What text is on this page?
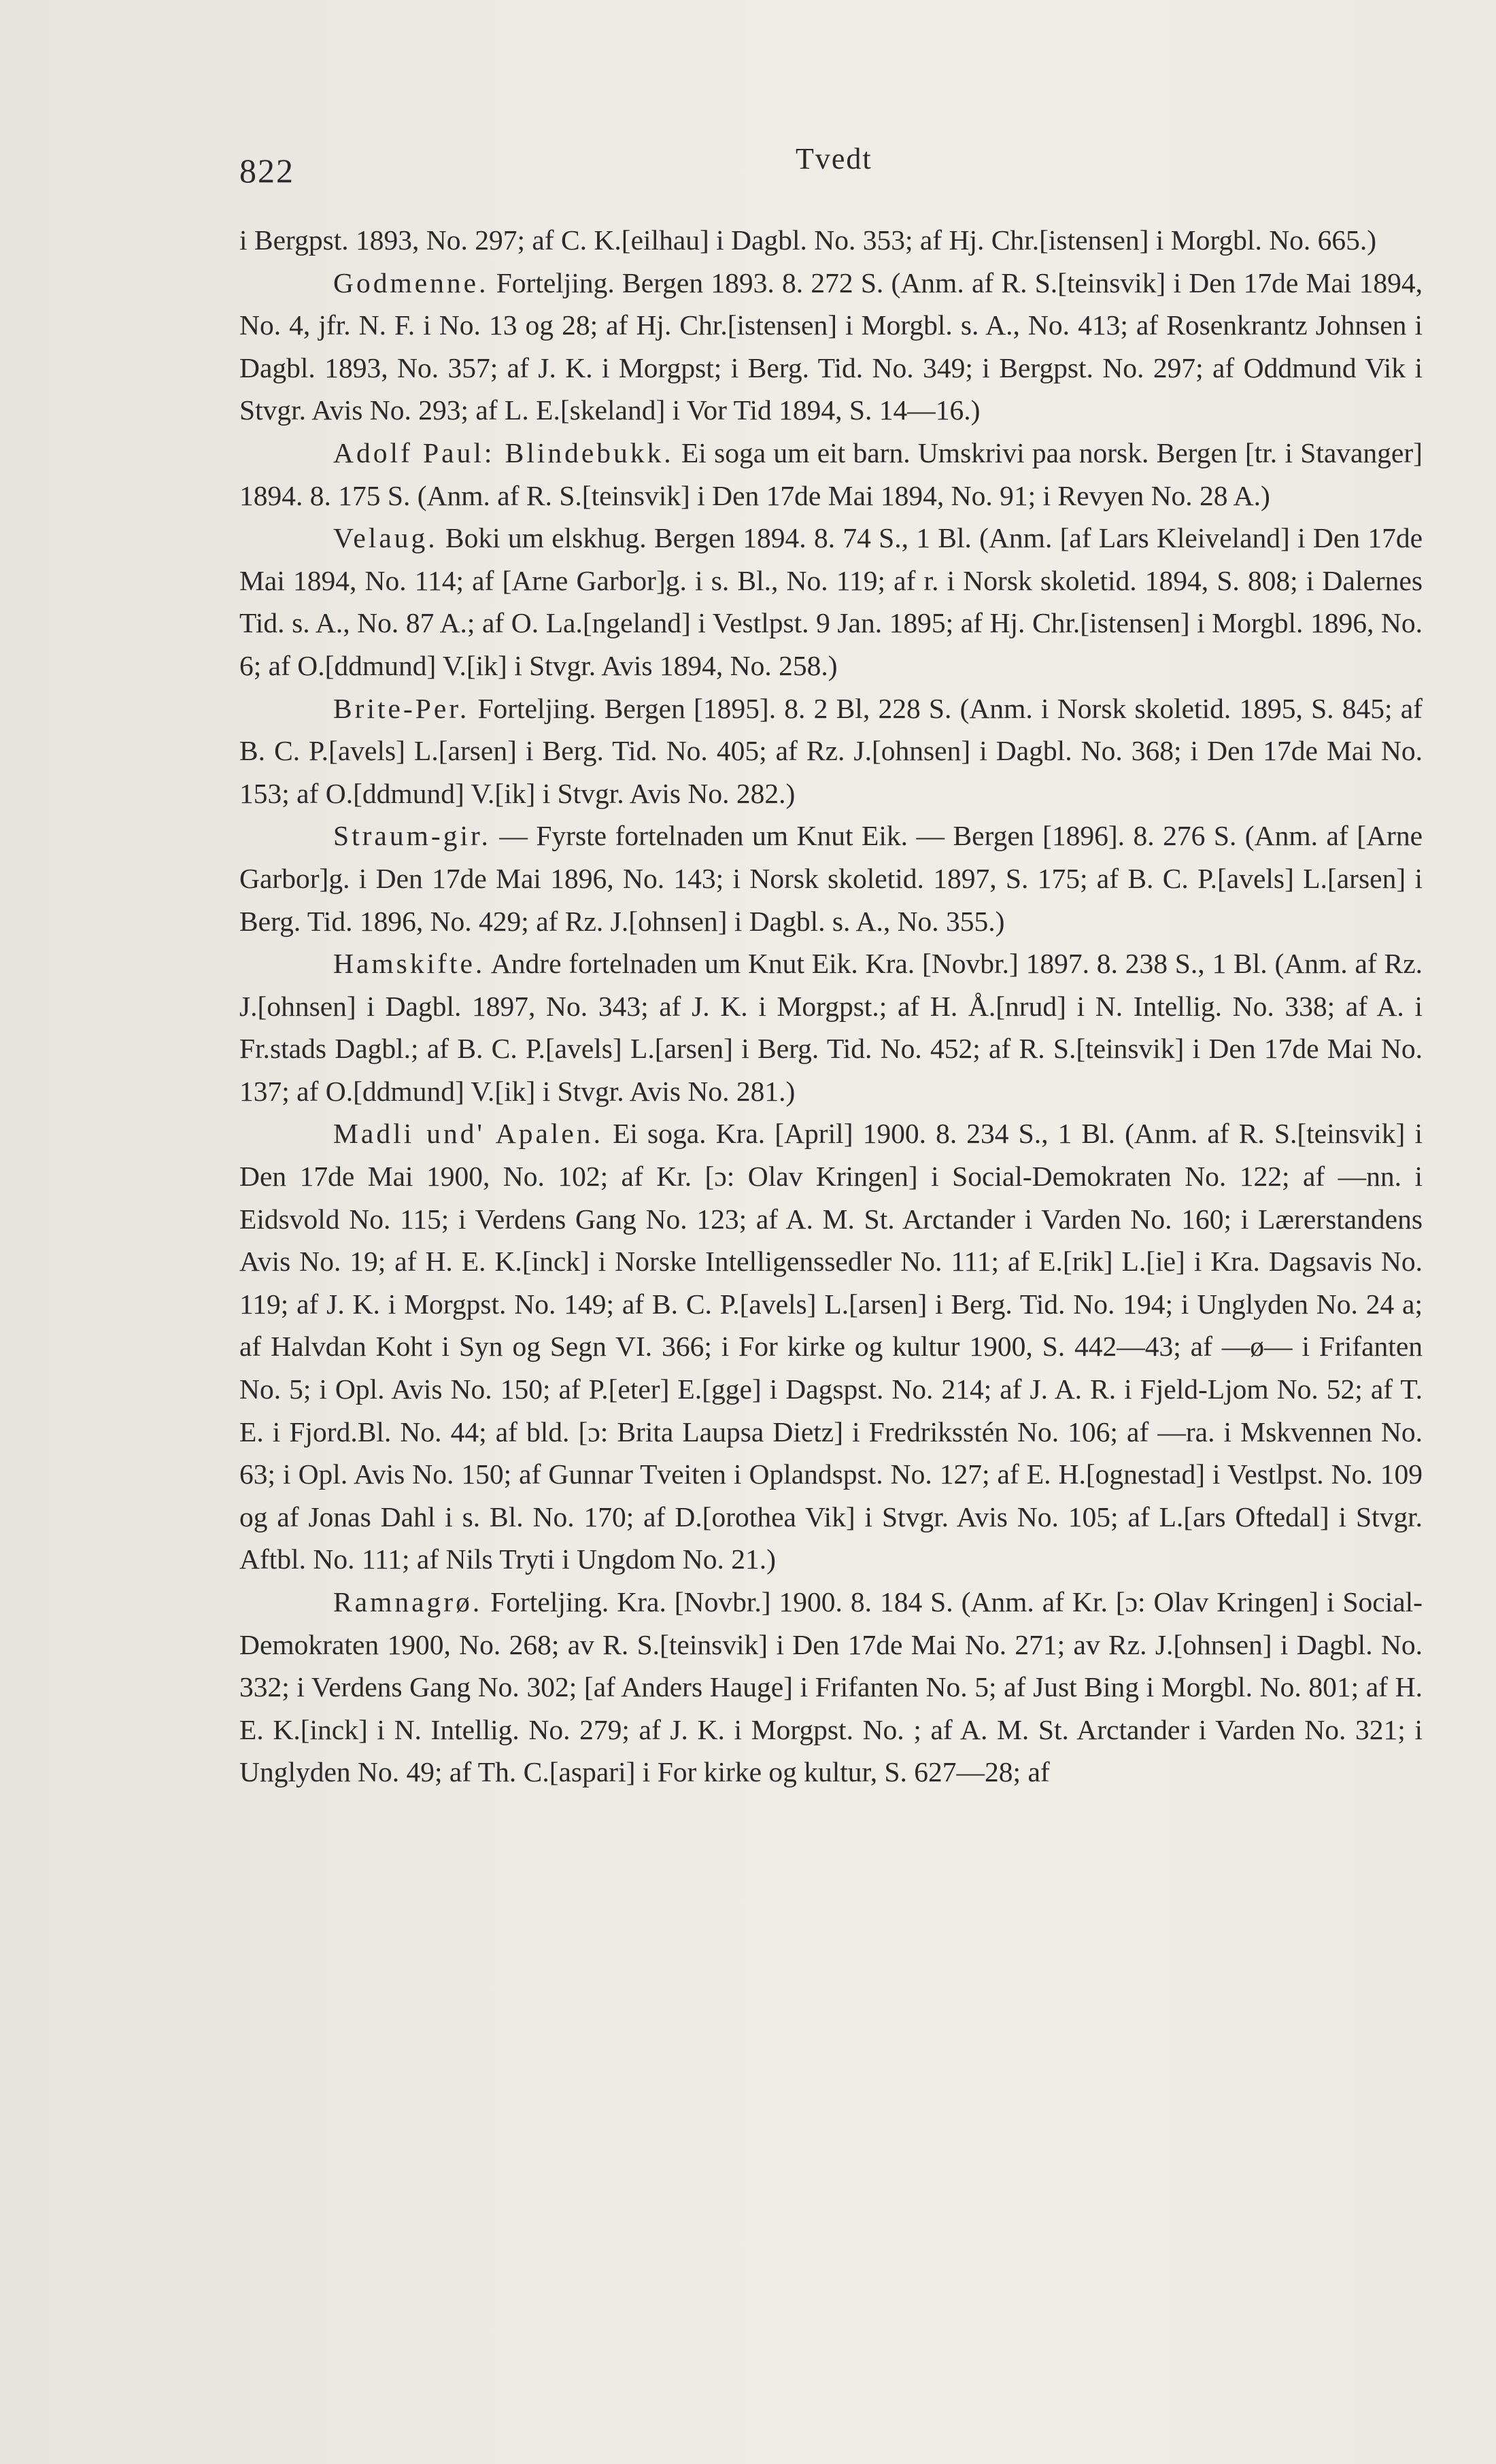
822	Tvedt

i Bergpst. 1893, No. 297; af C. K.[eilhau] i Dagbl. No. 353; af Hj. Chr.[istensen] i Morgbl. No. 665.)

Godmenne. Forteljing. Bergen 1893. 8. 272 S. (Anm. af R. S.[teinsvik] i Den 17de Mai 1894, No. 4, jfr. N. F. i No. 13 og 28; af Hj. Chr.[istensen] i Morgbl. s. A., No. 413; af Rosenkrantz Johnsen i Dagbl. 1893, No. 357; af J. K. i Morgpst; i Berg. Tid. No. 349; i Bergpst. No. 297; af Oddmund Vik i Stvgr. Avis No. 293; af L. E.[skeland] i Vor Tid 1894, S. 14—16.)

Adolf Paul: Blindebukk. Ei soga um eit barn. Umskrivi paa norsk. Bergen [tr. i Stavanger] 1894. 8. 175 S. (Anm. af R. S.[teinsvik] i Den 17de Mai 1894, No. 91; i Revyen No. 28 A.)

Velaug. Boki um elskhug. Bergen 1894. 8. 74 S., 1 Bl. (Anm. [af Lars Kleiveland] i Den 17de Mai 1894, No. 114; af [Arne Garbor]g. i s. Bl., No. 119; af r. i Norsk skoletid. 1894, S. 808; i Dalernes Tid. s. A., No. 87 A.; af O. La.[ngeland] i Vestlpst. 9 Jan. 1895; af Hj. Chr.[istensen] i Morgbl. 1896, No. 6; af O.[ddmund] V.[ik] i Stvgr. Avis 1894, No. 258.)

Brite-Per. Forteljing. Bergen [1895]. 8. 2 Bl, 228 S. (Anm. i Norsk skoletid. 1895, S. 845; af B. C. P.[avels] L.[arsen] i Berg. Tid. No. 405; af Rz. J.[ohnsen] i Dagbl. No. 368; i Den 17de Mai No. 153; af O.[ddmund] V.[ik] i Stvgr. Avis No. 282.)

Straum-gir. — Fyrste fortelnaden um Knut Eik. — Bergen [1896]. 8. 276 S. (Anm. af [Arne Garbor]g. i Den 17de Mai 1896, No. 143; i Norsk skoletid. 1897, S. 175; af B. C. P.[avels] L.[arsen] i Berg. Tid. 1896, No. 429; af Rz. J.[ohnsen] i Dagbl. s. A., No. 355.)

Hamskifte. Andre fortelnaden um Knut Eik. Kra. [Novbr.] 1897. 8. 238 S., 1 Bl. (Anm. af Rz. J.[ohnsen] i Dagbl. 1897, No. 343; af J. K. i Morgpst.; af H. Å.[nrud] i N. Intellig. No. 338; af A. i Fr.stads Dagbl.; af B. C. P.[avels] L.[arsen] i Berg. Tid. No. 452; af R. S.[teinsvik] i Den 17de Mai No. 137; af O.[ddmund] V.[ik] i Stvgr. Avis No. 281.)

Madli und' Apalen. Ei soga. Kra. [April] 1900. 8. 234 S., 1 Bl. (Anm. af R. S.[teinsvik] i Den 17de Mai 1900, No. 102; af Kr. [ɔ: Olav Kringen] i Social-Demokraten No. 122; af —nn. i Eidsvold No. 115; i Verdens Gang No. 123; af A. M. St. Arctander i Varden No. 160; i Lærerstandens Avis No. 19; af H. E. K.[inck] i Norske Intelligenssedler No. 111; af E.[rik] L.[ie] i Kra. Dagsavis No. 119; af J. K. i Morgpst. No. 149; af B. C. P.[avels] L.[arsen] i Berg. Tid. No. 194; i Unglyden No. 24 a; af Halvdan Koht i Syn og Segn VI. 366; i For kirke og kultur 1900, S. 442—43; af —ø— i Frifanten No. 5; i Opl. Avis No. 150; af P.[eter] E.[gge] i Dagspst. No. 214; af J. A. R. i Fjeld-Ljom No. 52; af T. E. i Fjord.Bl. No. 44; af bld. [ɔ: Brita Laupsa Dietz] i Fredriksstén No. 106; af —ra. i Mskvennen No. 63; i Opl. Avis No. 150; af Gunnar Tveiten i Oplandspst. No. 127; af E. H.[ognestad] i Vestlpst. No. 109 og af Jonas Dahl i s. Bl. No. 170; af D.[orothea Vik] i Stvgr. Avis No. 105; af L.[ars Oftedal] i Stvgr. Aftbl. No. 111; af Nils Tryti i Ungdom No. 21.)

Ramnagrø. Forteljing. Kra. [Novbr.] 1900. 8. 184 S. (Anm. af Kr. [ɔ: Olav Kringen] i Social-Demokraten 1900, No. 268; av R. S.[teinsvik] i Den 17de Mai No. 271; av Rz. J.[ohnsen] i Dagbl. No. 332; i Verdens Gang No. 302; [af Anders Hauge] i Frifanten No. 5; af Just Bing i Morgbl. No. 801; af H. E. K.[inck] i N. Intellig. No. 279; af J. K. i Morgpst. No. ; af A. M. St. Arctander i Varden No. 321; i Unglyden No. 49; af Th. C.[aspari] i For kirke og kultur, S. 627—28; af
